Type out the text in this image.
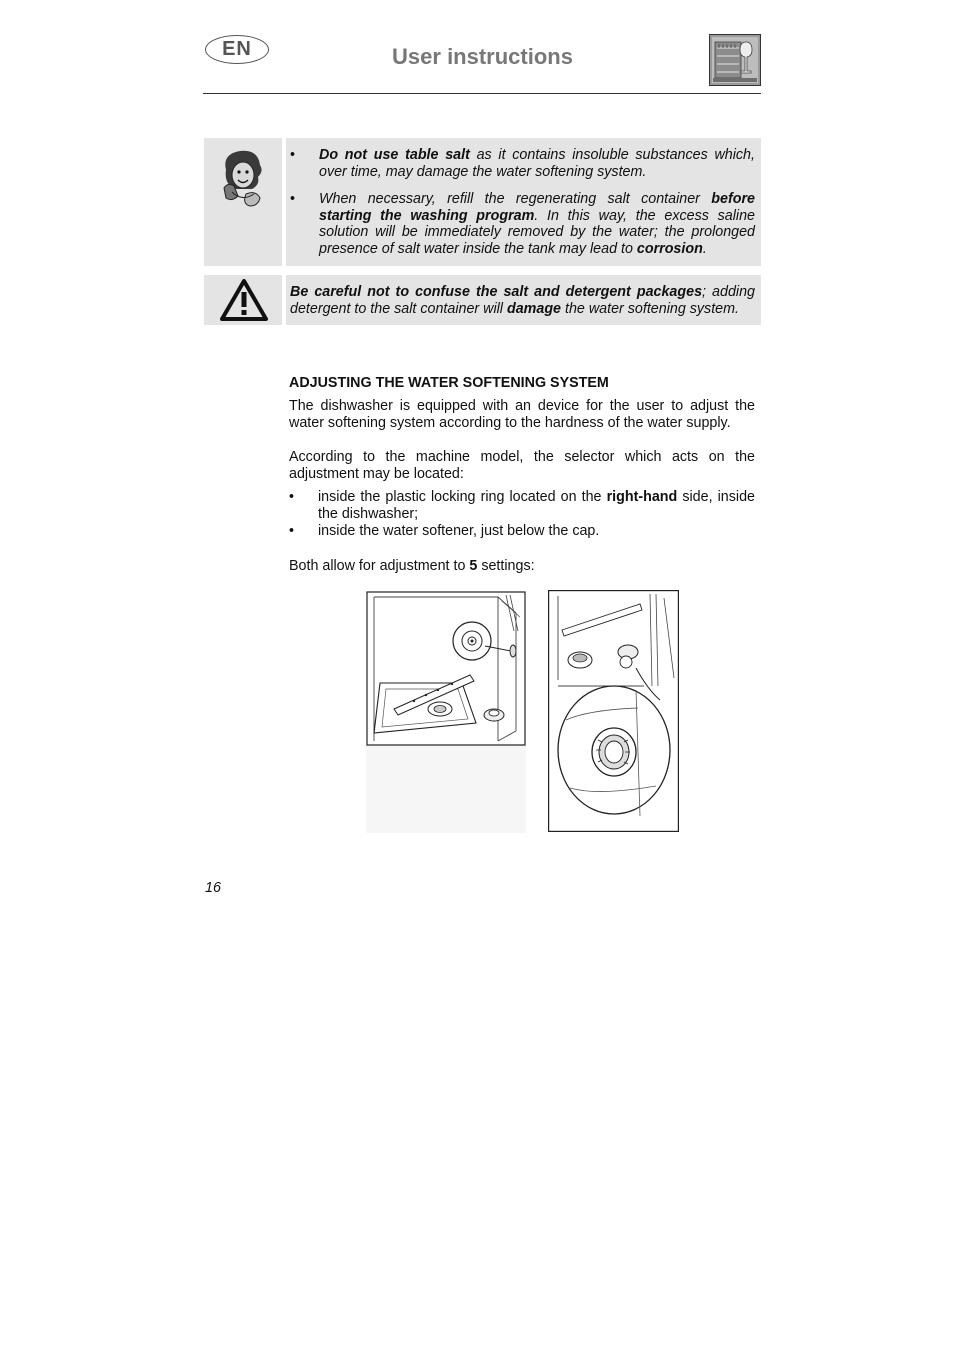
EN	User instructions
•	Do not use table salt as it contains insoluble substances which, over time, may damage the water softening system.
•	When necessary, refill the regenerating salt container before starting the washing program. In this way, the excess saline solution will be immediately removed by the water; the prolonged presence of salt water inside the tank may lead to corrosion.
Be careful not to confuse the salt and detergent packages; adding detergent to the salt container will damage the water softening system.
ADJUSTING THE WATER SOFTENING SYSTEM
The dishwasher is equipped with an device for the user to adjust the water softening system according to the hardness of the water supply.
According to the machine model, the selector which acts on the adjustment may be located:
•	inside the plastic locking ring located on the right-hand side, inside the dishwasher;
•	inside the water softener, just below the cap.
Both allow for adjustment to 5 settings:
16
